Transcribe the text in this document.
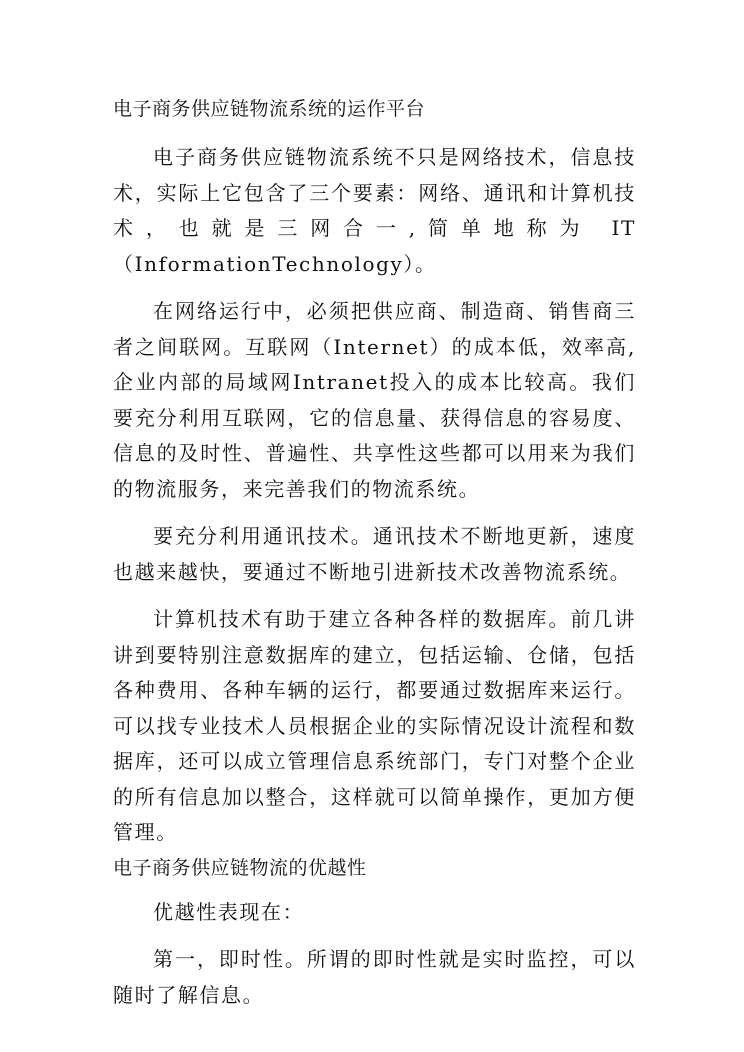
电子商务供应链物流系统的运作平台

电子商务供应链物流系统不只是网络技术，信息技术，实际上它包含了三个要素：网络、通讯和计算机技术，也就是三网合一,简单地称为 IT（InformationTechnology）。

在网络运行中，必须把供应商、制造商、销售商三者之间联网。互联网（Internet）的成本低，效率高,企业内部的局域网Intranet投入的成本比较高。我们要充分利用互联网，它的信息量、获得信息的容易度、信息的及时性、普遍性、共享性这些都可以用来为我们的物流服务，来完善我们的物流系统。

要充分利用通讯技术。通讯技术不断地更新，速度也越来越快，要通过不断地引进新技术改善物流系统。

计算机技术有助于建立各种各样的数据库。前几讲讲到要特别注意数据库的建立，包括运输、仓储，包括各种费用、各种车辆的运行，都要通过数据库来运行。可以找专业技术人员根据企业的实际情况设计流程和数据库，还可以成立管理信息系统部门，专门对整个企业的所有信息加以整合，这样就可以简单操作，更加方便管理。

电子商务供应链物流的优越性

优越性表现在：

第一，即时性。所谓的即时性就是实时监控，可以随时了解信息。
